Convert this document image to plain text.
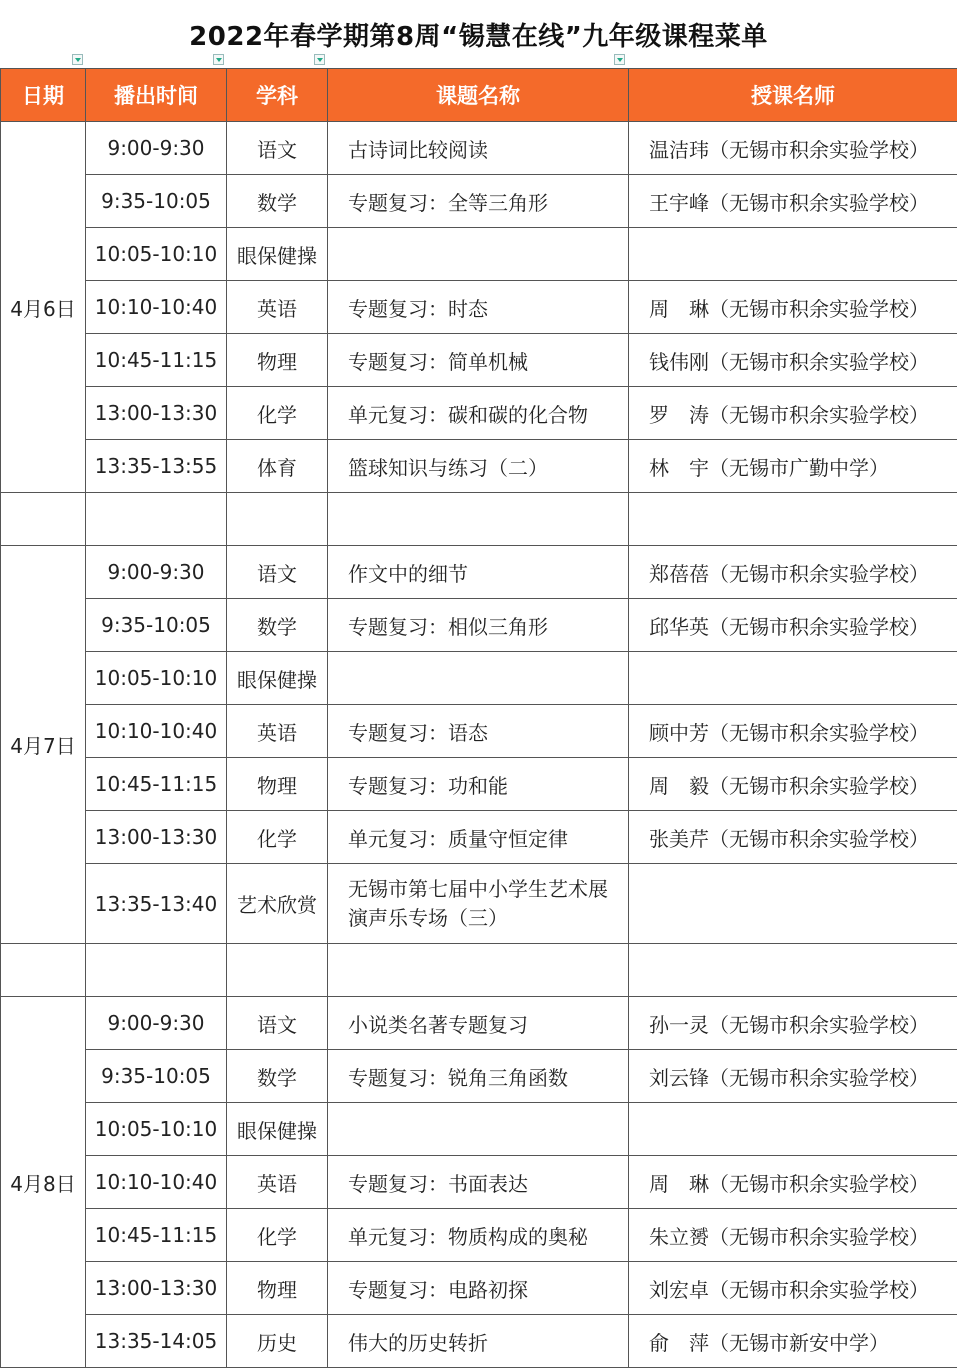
2022年春学期第8周“锡慧在线”九年级课程菜单
日期	播出时间	学科	课题名称	授课名师
4月6日	9:00-9:30	语文	古诗词比较阅读	温洁玮（无锡市积余实验学校）
	9:35-10:05	数学	专题复习：全等三角形	王宇峰（无锡市积余实验学校）
	10:05-10:10	眼保健操		
	10:10-10:40	英语	专题复习：时态	周　琳（无锡市积余实验学校）
	10:45-11:15	物理	专题复习：简单机械	钱伟刚（无锡市积余实验学校）
	13:00-13:30	化学	单元复习：碳和碳的化合物	罗　涛（无锡市积余实验学校）
	13:35-13:55	体育	篮球知识与练习（二）	林　宇（无锡市广勤中学）

4月7日	9:00-9:30	语文	作文中的细节	郑蓓蓓（无锡市积余实验学校）
	9:35-10:05	数学	专题复习：相似三角形	邱华英（无锡市积余实验学校）
	10:05-10:10	眼保健操		
	10:10-10:40	英语	专题复习：语态	顾中芳（无锡市积余实验学校）
	10:45-11:15	物理	专题复习：功和能	周　毅（无锡市积余实验学校）
	13:00-13:30	化学	单元复习：质量守恒定律	张美芹（无锡市积余实验学校）
	13:35-13:40	艺术欣赏	无锡市第七届中小学生艺术展
演声乐专场（三）	

4月8日	9:00-9:30	语文	小说类名著专题复习	孙一灵（无锡市积余实验学校）
	9:35-10:05	数学	专题复习：锐角三角函数	刘云锋（无锡市积余实验学校）
	10:05-10:10	眼保健操		
	10:10-10:40	英语	专题复习：书面表达	周　琳（无锡市积余实验学校）
	10:45-11:15	化学	单元复习：物质构成的奥秘	朱立赟（无锡市积余实验学校）
	13:00-13:30	物理	专题复习：电路初探	刘宏卓（无锡市积余实验学校）
	13:35-14:05	历史	伟大的历史转折	俞　萍（无锡市新安中学）
